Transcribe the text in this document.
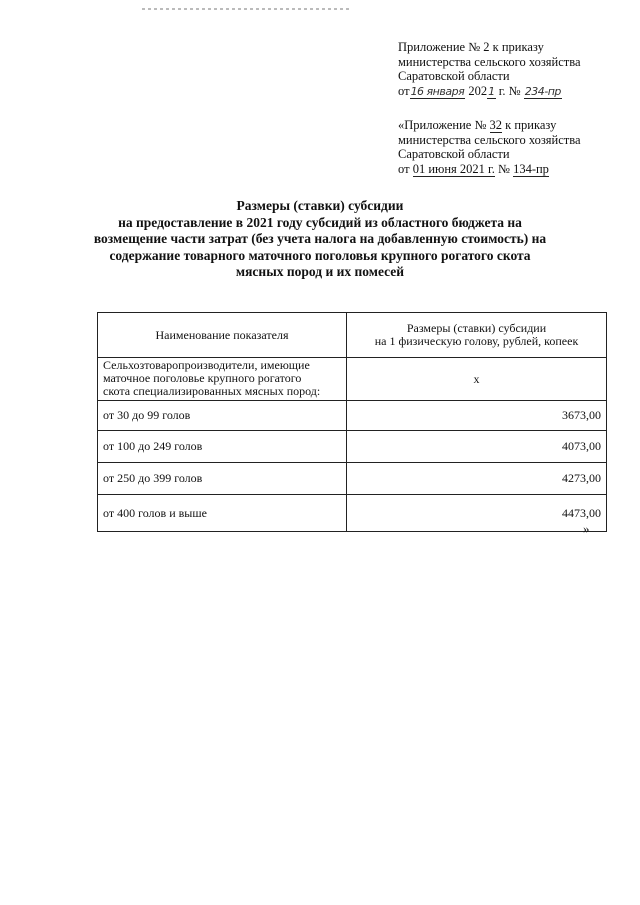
Приложение № 2 к приказу
министерства сельского хозяйства
Саратовской области
от16 января 2021 г. № 234-пр
«Приложение № 32 к приказу
министерства сельского хозяйства
Саратовской области
от 01 июня 2021 г. № 134-пр
Размеры (ставки) субсидии
на предоставление в 2021 году субсидий из областного бюджета на
возмещение части затрат (без учета налога на добавленную стоимость) на
содержание товарного маточного поголовья крупного рогатого скота
мясных пород и их помесей
Наименование показателя	Размеры (ставки) субсидии
на 1 физическую голову, рублей, копеек

Сельхозтоваропроизводители, имеющие
маточное поголовье крупного рогатого
скота специализированных мясных пород:	х
от 30 до 99 голов	3673,00
от 100 до 249 голов	4073,00
от 250 до 399 голов	4273,00
от 400 голов и выше	4473,00
»
